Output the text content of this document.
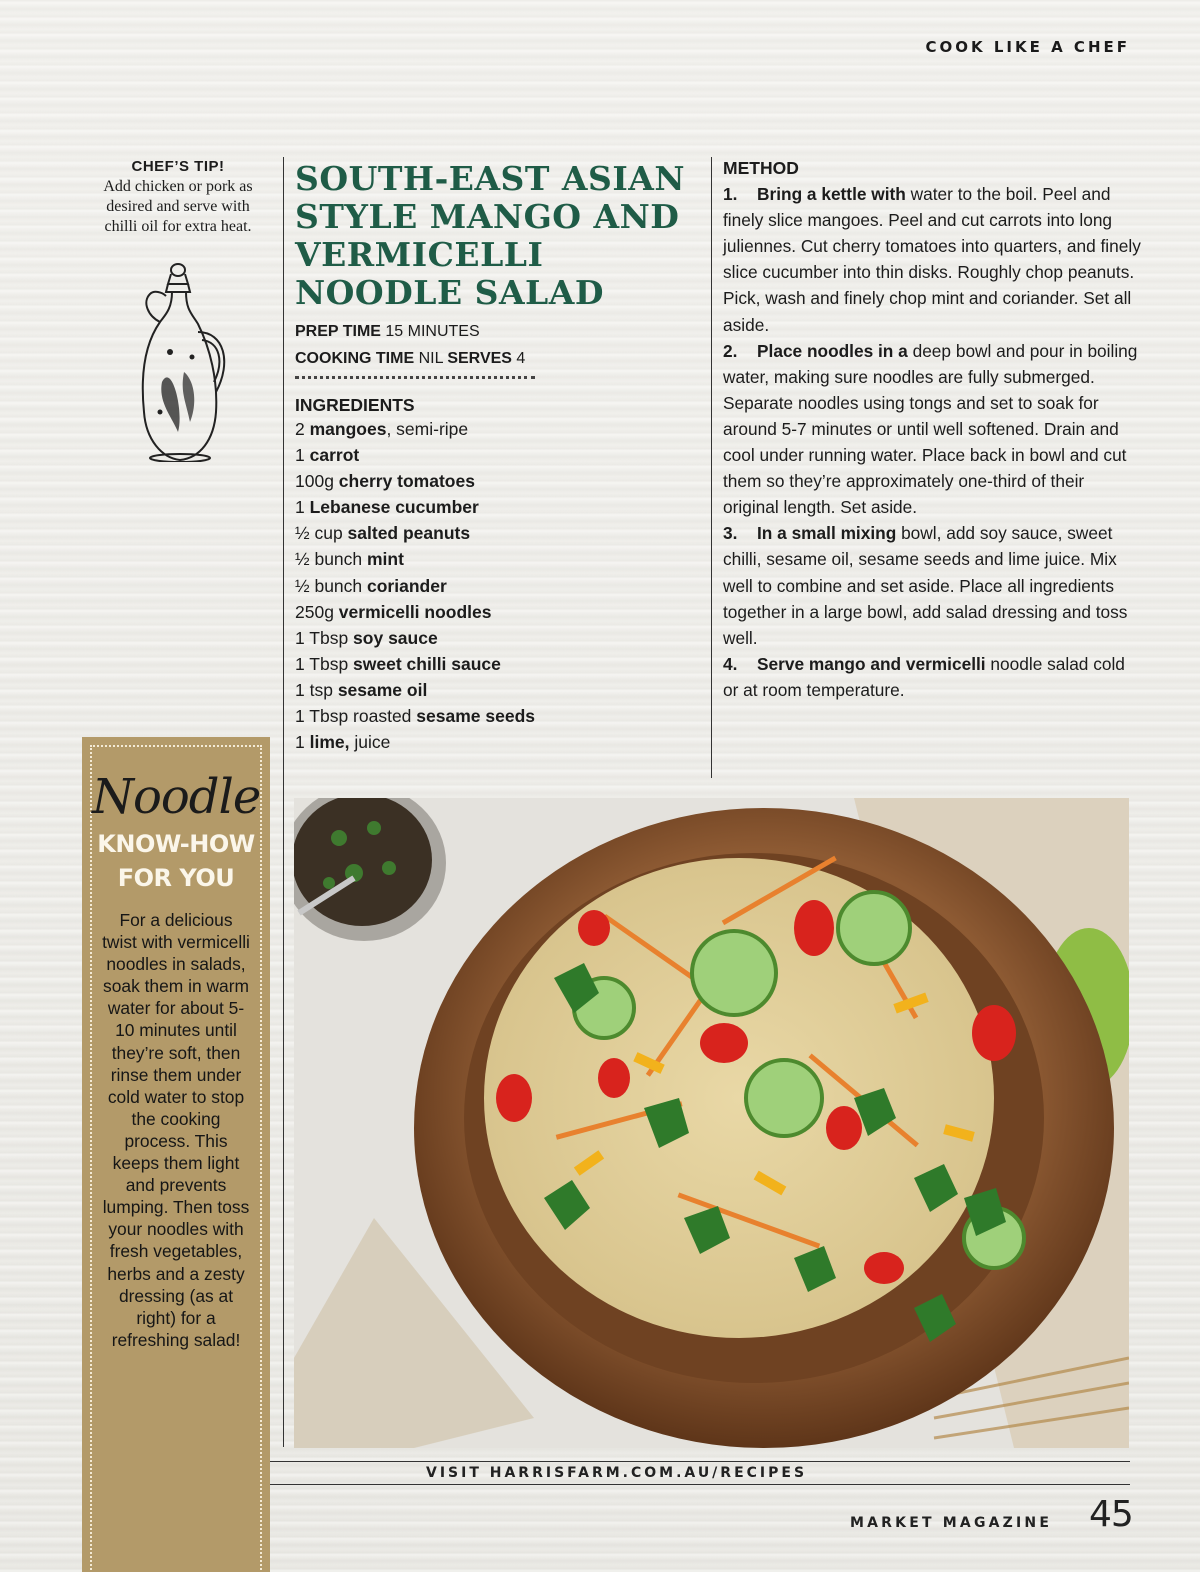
COOK LIKE A CHEF
CHEF’S TIP!
Add chicken or pork as desired and serve with chilli oil for extra heat.
SOUTH-EAST ASIAN STYLE MANGO AND VERMICELLI NOODLE SALAD
PREP TIME 15 MINUTES
COOKING TIME NIL SERVES 4
INGREDIENTS
2 mangoes, semi-ripe
1 carrot
100g cherry tomatoes
1 Lebanese cucumber
½ cup salted peanuts
½ bunch mint
½ bunch coriander
250g vermicelli noodles
1 Tbsp soy sauce
1 Tbsp sweet chilli sauce
1 tsp sesame oil
1 Tbsp roasted sesame seeds
1 lime, juice
METHOD

1. Bring a kettle with water to the boil. Peel and finely slice mangoes. Peel and cut carrots into long juliennes. Cut cherry tomatoes into quarters, and finely slice cucumber into thin disks. Roughly chop peanuts. Pick, wash and finely chop mint and coriander. Set all aside.

2. Place noodles in a deep bowl and pour in boiling water, making sure noodles are fully submerged. Separate noodles using tongs and set to soak for around 5-7 minutes or until well softened. Drain and cool under running water. Place back in bowl and cut them so they’re approximately one-third of their original length. Set aside.

3. In a small mixing bowl, add soy sauce, sweet chilli, sesame oil, sesame seeds and lime juice. Mix well to combine and set aside. Place all ingredients together in a large bowl, add salad dressing and toss well.

4. Serve mango and vermicelli noodle salad cold or at room temperature.

Noodle
KNOW-HOW
FOR YOU
For a delicious twist with vermicelli noodles in salads, soak them in warm water for about 5-10 minutes until they’re soft, then rinse them under cold water to stop the cooking process. This keeps them light and prevents lumping. Then toss your noodles with fresh vegetables, herbs and a zesty dressing (as at right) for a refreshing salad!
VISIT HARRISFARM.COM.AU/RECIPES
MARKET MAGAZINE 45
